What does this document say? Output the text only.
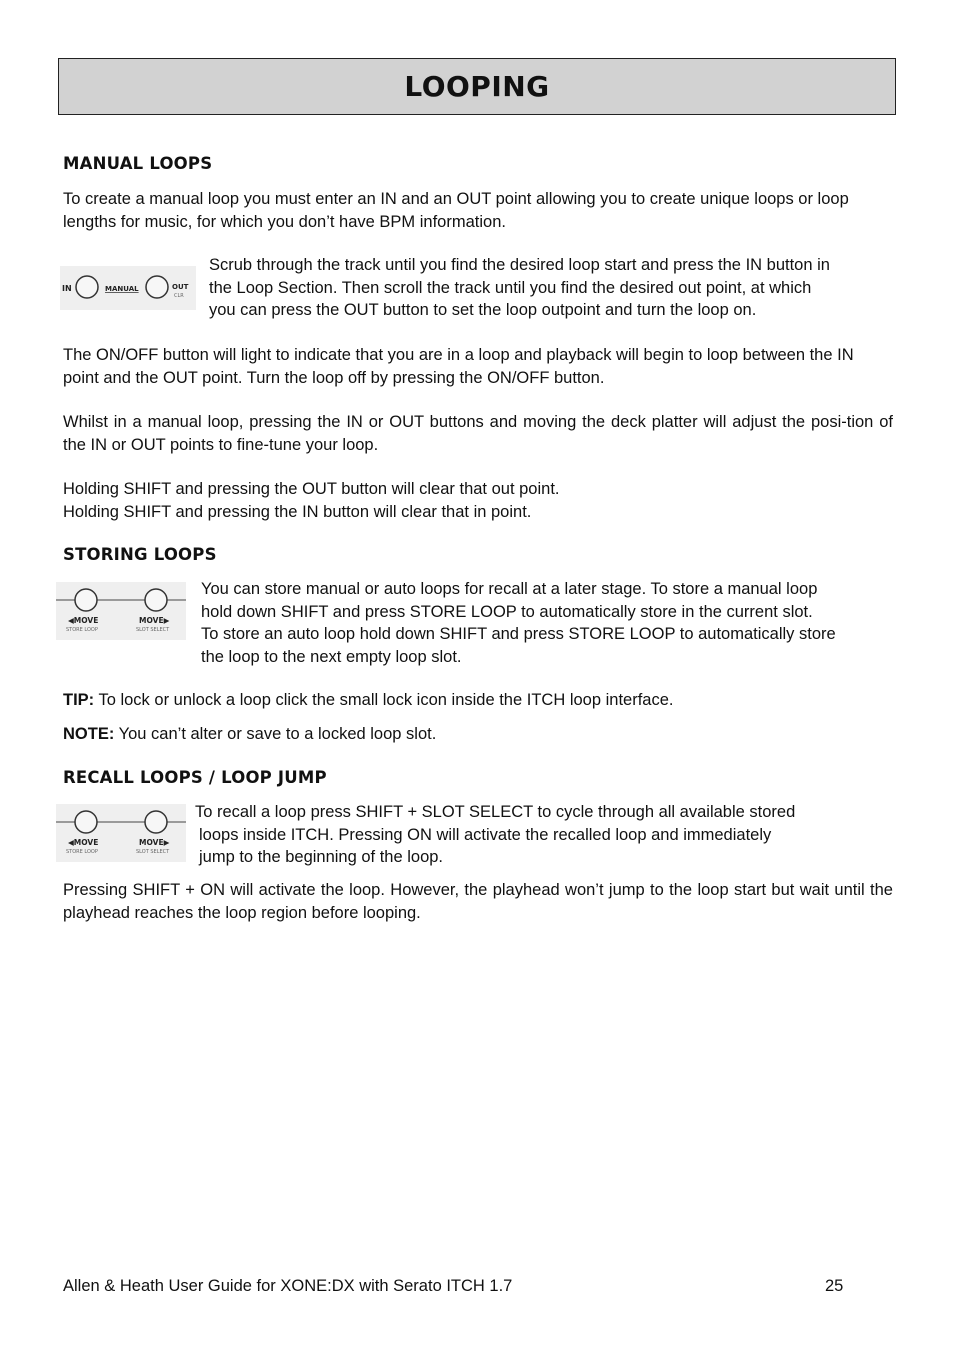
LOOPING
MANUAL LOOPS

To create a manual loop you must enter an IN and an OUT point allowing you to create unique loops or loop lengths for music, for which you don’t have BPM information.

IN	MANUAL	OUT
CLR

Scrub through the track until you find the desired loop start and press the IN button in
the Loop Section. Then scroll the track until you find the desired out point, at which
you can press the OUT button to set the loop outpoint and turn the loop on.

The ON/OFF button will light to indicate that you are in a loop and playback will begin to loop between the IN point and the OUT point. Turn the loop off by pressing the ON/OFF button.

Whilst in a manual loop, pressing the IN or OUT buttons and moving the deck platter will adjust the posi-tion of the IN or OUT points to fine-tune your loop.

Holding SHIFT and pressing the OUT button will clear that out point.
Holding SHIFT and pressing the IN button will clear that in point.

STORING LOOPS
◀MOVE
STORE LOOP
MOVE▶
SLOT SELECT

You can store manual or auto loops for recall at a later stage. To store a manual loop
hold down SHIFT and press STORE LOOP to automatically store in the current slot.
To store an auto loop hold down SHIFT and press STORE LOOP to automatically store
the loop to the next empty loop slot.

TIP: To lock or unlock a loop click the small lock icon inside the ITCH loop interface.

NOTE: You can’t alter or save to a locked loop slot.

RECALL LOOPS / LOOP JUMP
◀MOVE
STORE LOOP
MOVE▶
SLOT SELECT

To recall a loop press SHIFT + SLOT SELECT to cycle through all available stored
loops inside ITCH. Pressing ON will activate the recalled loop and immediately
jump to the beginning of the loop.

Pressing SHIFT + ON will activate the loop. However, the playhead won’t jump to the loop start but wait until the playhead reaches the loop region before looping.

Allen & Heath User Guide for XONE:DX with Serato ITCH 1.7	25
